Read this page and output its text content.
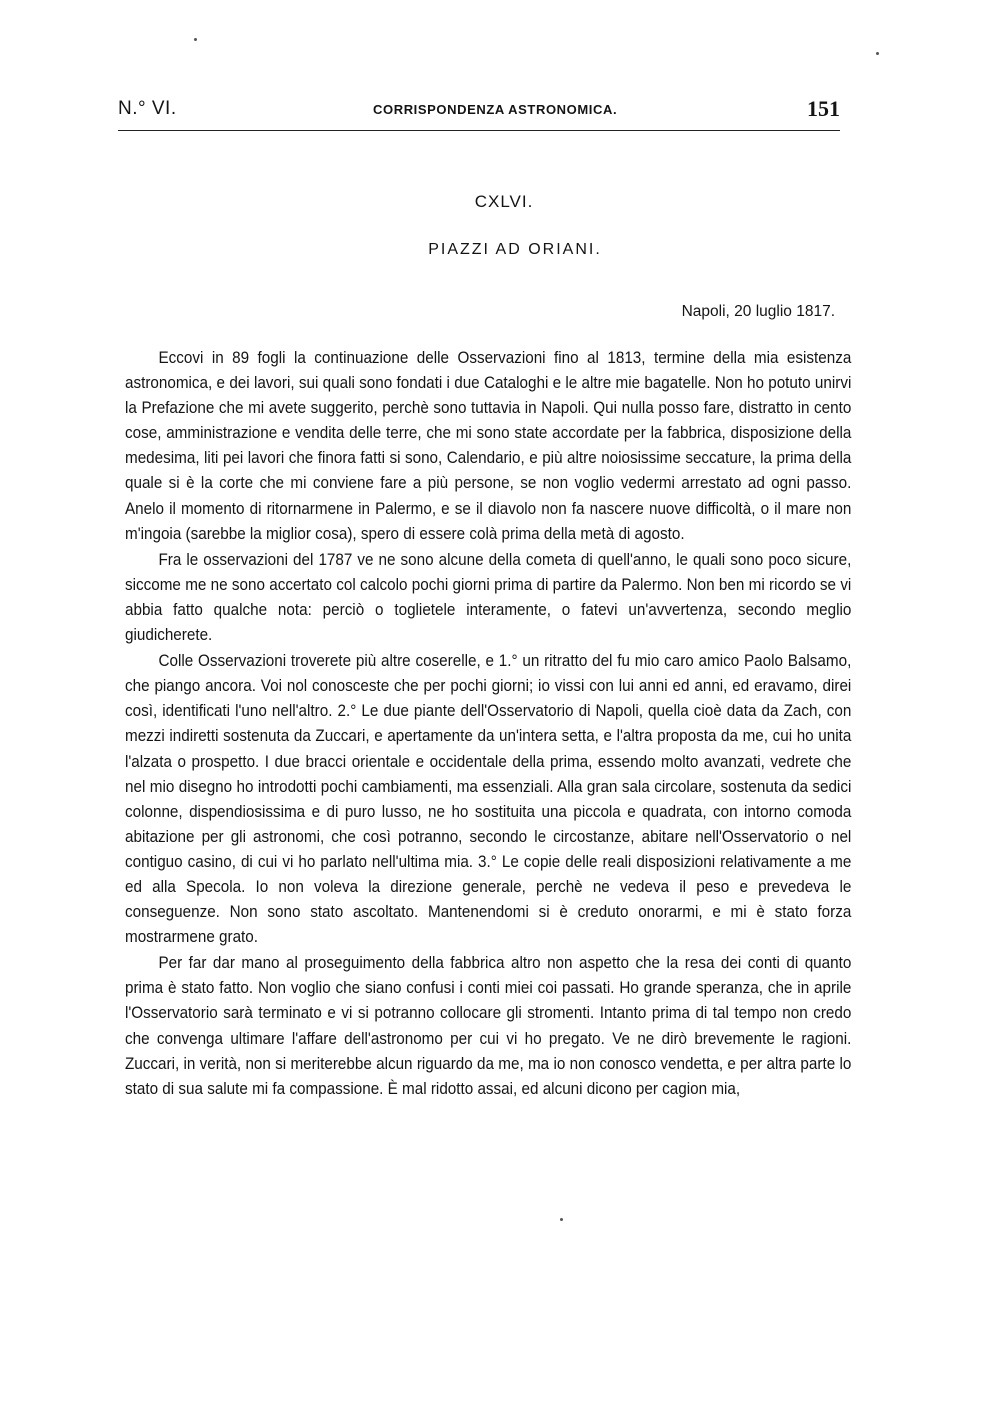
N.° VI.	CORRISPONDENZA ASTRONOMICA.	151
CXLVI.
PIAZZI AD ORIANI.
Napoli, 20 luglio 1817.

Eccovi in 89 fogli la continuazione delle Osservazioni fino al 1813, termine della mia esistenza astronomica, e dei lavori, sui quali sono fondati i due Cataloghi e le altre mie bagatelle. Non ho potuto unirvi la Prefazione che mi avete suggerito, perchè sono tuttavia in Napoli. Qui nulla posso fare, distratto in cento cose, amministrazione e vendita delle terre, che mi sono state accordate per la fabbrica, disposizione della medesima, liti pei lavori che finora fatti si sono, Calendario, e più altre noiosissime seccature, la prima della quale si è la corte che mi conviene fare a più persone, se non voglio vedermi arrestato ad ogni passo. Anelo il momento di ritornarmene in Palermo, e se il diavolo non fa nascere nuove difficoltà, o il mare non m'ingoia (sarebbe la miglior cosa), spero di essere colà prima della metà di agosto.

Fra le osservazioni del 1787 ve ne sono alcune della cometa di quell'anno, le quali sono poco sicure, siccome me ne sono accertato col calcolo pochi giorni prima di partire da Palermo. Non ben mi ricordo se vi abbia fatto qualche nota: perciò o toglietele interamente, o fatevi un'avvertenza, secondo meglio giudicherete.

Colle Osservazioni troverete più altre coserelle, e 1.° un ritratto del fu mio caro amico Paolo Balsamo, che piango ancora. Voi nol conosceste che per pochi giorni; io vissi con lui anni ed anni, ed eravamo, direi così, identificati l'uno nell'altro. 2.° Le due piante dell'Osservatorio di Napoli, quella cioè data da Zach, con mezzi indiretti sostenuta da Zuccari, e apertamente da un'intera setta, e l'altra proposta da me, cui ho unita l'alzata o prospetto. I due bracci orientale e occidentale della prima, essendo molto avanzati, vedrete che nel mio disegno ho introdotti pochi cambiamenti, ma essenziali. Alla gran sala circolare, sostenuta da sedici colonne, dispendiosissima e di puro lusso, ne ho sostituita una piccola e quadrata, con intorno comoda abitazione per gli astronomi, che così potranno, secondo le circostanze, abitare nell'Osservatorio o nel contiguo casino, di cui vi ho parlato nell'ultima mia. 3.° Le copie delle reali disposizioni relativamente a me ed alla Specola. Io non voleva la direzione generale, perchè ne vedeva il peso e prevedeva le conseguenze. Non sono stato ascoltato. Mantenendomi si è creduto onorarmi, e mi è stato forza mostrarmene grato.

Per far dar mano al proseguimento della fabbrica altro non aspetto che la resa dei conti di quanto prima è stato fatto. Non voglio che siano confusi i conti miei coi passati. Ho grande speranza, che in aprile l'Osservatorio sarà terminato e vi si potranno collocare gli stromenti. Intanto prima di tal tempo non credo che convenga ultimare l'affare dell'astronomo per cui vi ho pregato. Ve ne dirò brevemente le ragioni. Zuccari, in verità, non si meriterebbe alcun riguardo da me, ma io non conosco vendetta, e per altra parte lo stato di sua salute mi fa compassione. È mal ridotto assai, ed alcuni dicono per cagion mia,
